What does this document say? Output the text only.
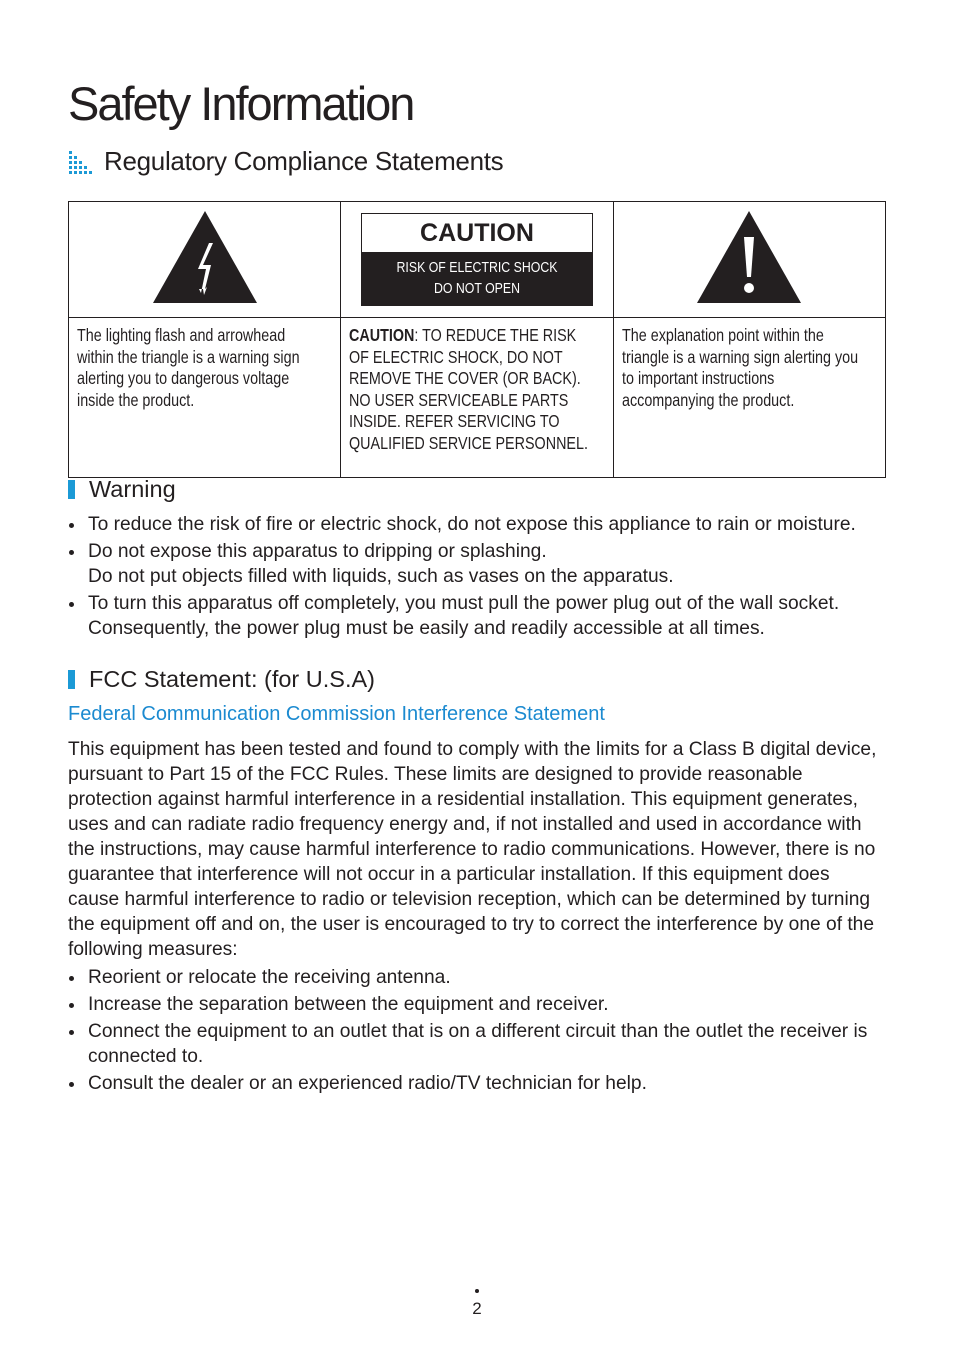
Safety Information
Regulatory Compliance Statements

CAUTION
RISK OF ELECTRIC SHOCK
DO NOT OPEN

The lighting flash and arrowhead within the triangle is a warning sign alerting you to dangerous voltage inside the product.	CAUTION: TO REDUCE THE RISK OF ELECTRIC SHOCK, DO NOT REMOVE THE COVER (OR BACK). NO USER SERVICEABLE PARTS INSIDE. REFER SERVICING TO QUALIFIED SERVICE PERSONNEL.	The explanation point within the triangle is a warning sign alerting you to important instructions accompanying the product.
Warning
To reduce the risk of fire or electric shock, do not expose this appliance to rain or moisture.
Do not expose this apparatus to dripping or splashing.
Do not put objects filled with liquids, such as vases on the apparatus.
To turn this apparatus off completely, you must pull the power plug out of the wall socket.
Consequently, the power plug must be easily and readily accessible at all times.
FCC Statement: (for U.S.A)
Federal Communication Commission Interference Statement

This equipment has been tested and found to comply with the limits for a Class B digital device, pursuant to Part 15 of the FCC Rules. These limits are designed to provide reasonable protection against harmful interference in a residential installation. This equipment generates, uses and can radiate radio frequency energy and, if not installed and used in accordance with the instructions, may cause harmful interference to radio communications. However, there is no guarantee that interference will not occur in a particular installation. If this equipment does cause harmful interference to radio or television reception, which can be determined by turning the equipment off and on, the user is encouraged to try to correct the interference by one of the following measures:

Reorient or relocate the receiving antenna.
Increase the separation between the equipment and receiver.
Connect the equipment to an outlet that is on a different circuit than the outlet the receiver is connected to.
Consult the dealer or an experienced radio/TV technician for help.
2
